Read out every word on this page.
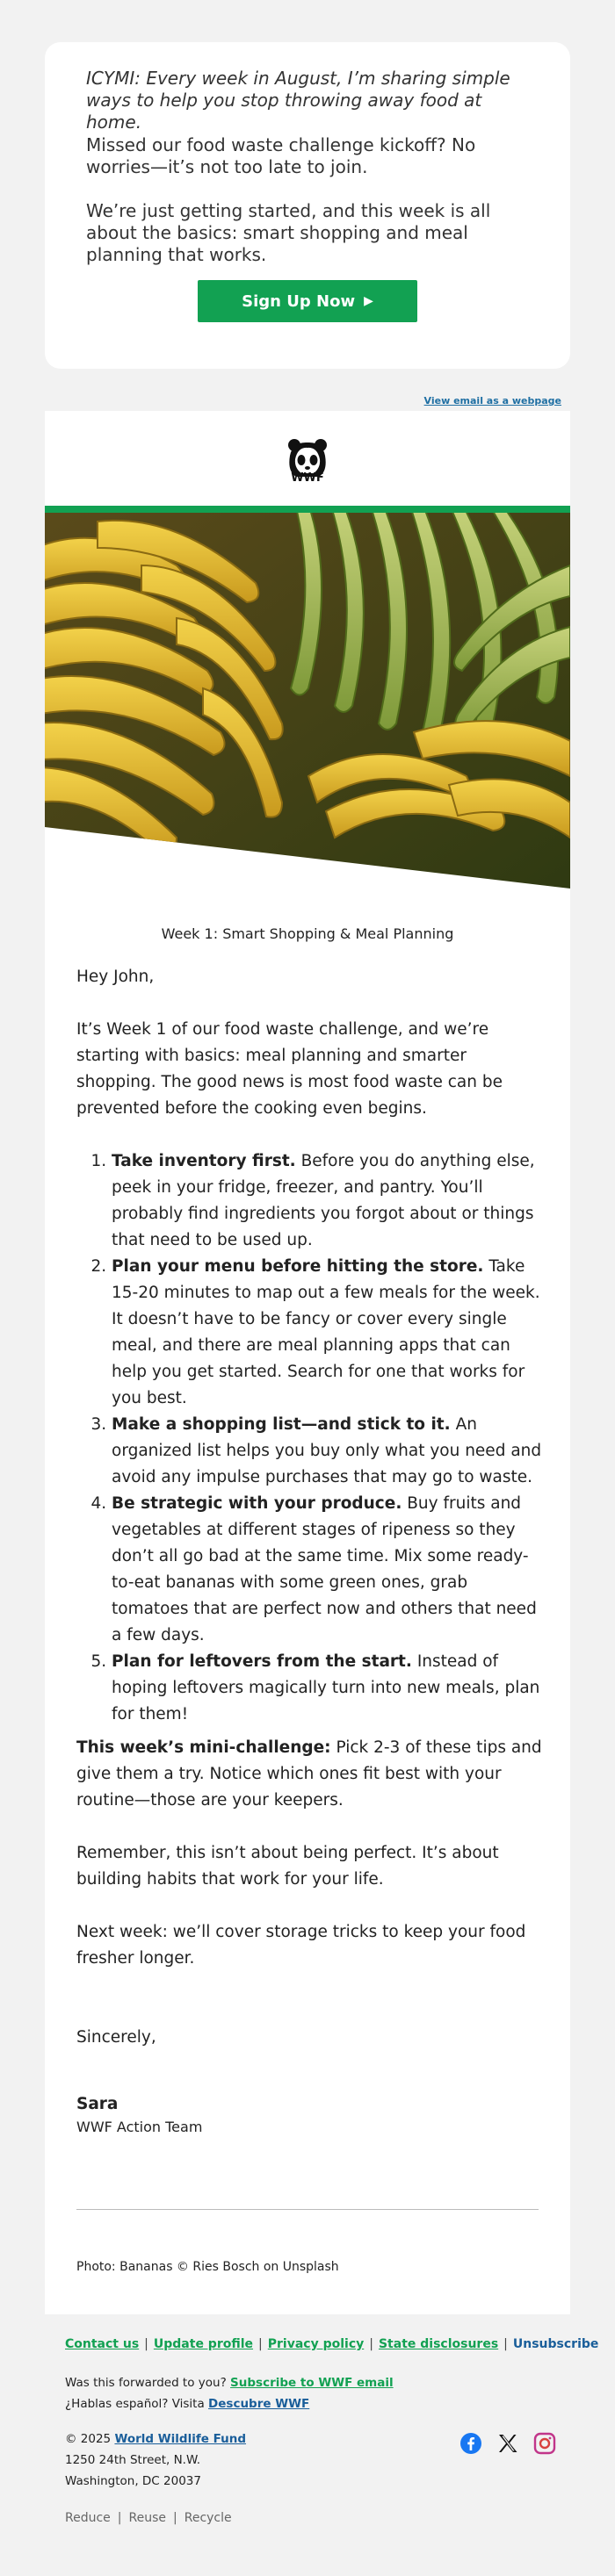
ICYMI: Every week in August, I’m sharing simple ways to help you stop throwing away food at home.

Missed our food waste challenge kickoff? No worries—it’s not too late to join.

We’re just getting started, and this week is all about the basics: smart shopping and meal planning that works.

Sign Up Now ▶
View email as a webpage
WWF
Week 1: Smart Shopping & Meal Planning

Hey John,

It’s Week 1 of our food waste challenge, and we’re starting with basics: meal planning and smarter shopping. The good news is most food waste can be prevented before the cooking even begins.

1. Take inventory first. Before you do anything else, peek in your fridge, freezer, and pantry. You’ll probably find ingredients you forgot about or things that need to be used up.
2. Plan your menu before hitting the store. Take 15-20 minutes to map out a few meals for the week. It doesn’t have to be fancy or cover every single meal, and there are meal planning apps that can help you get started. Search for one that works for you best.
3. Make a shopping list—and stick to it. An organized list helps you buy only what you need and avoid any impulse purchases that may go to waste.
4. Be strategic with your produce. Buy fruits and vegetables at different stages of ripeness so they don’t all go bad at the same time. Mix some ready-to-eat bananas with some green ones, grab tomatoes that are perfect now and others that need a few days.
5. Plan for leftovers from the start. Instead of hoping leftovers magically turn into new meals, plan for them!

This week’s mini-challenge: Pick 2-3 of these tips and give them a try. Notice which ones fit best with your routine—those are your keepers.

Remember, this isn’t about being perfect. It’s about building habits that work for your life.

Next week: we’ll cover storage tricks to keep your food fresher longer.

Sincerely,

Sara
WWF Action Team
Photo: Bananas © Ries Bosch on Unsplash
Contact us | Update profile | Privacy policy | State disclosures | Unsubscribe
Was this forwarded to you? Subscribe to WWF email
¿Hablas español? Visita Descubre WWF
© 2025 World Wildlife Fund
1250 24th Street, N.W.
Washington, DC 20037
Reduce | Reuse | Recycle
